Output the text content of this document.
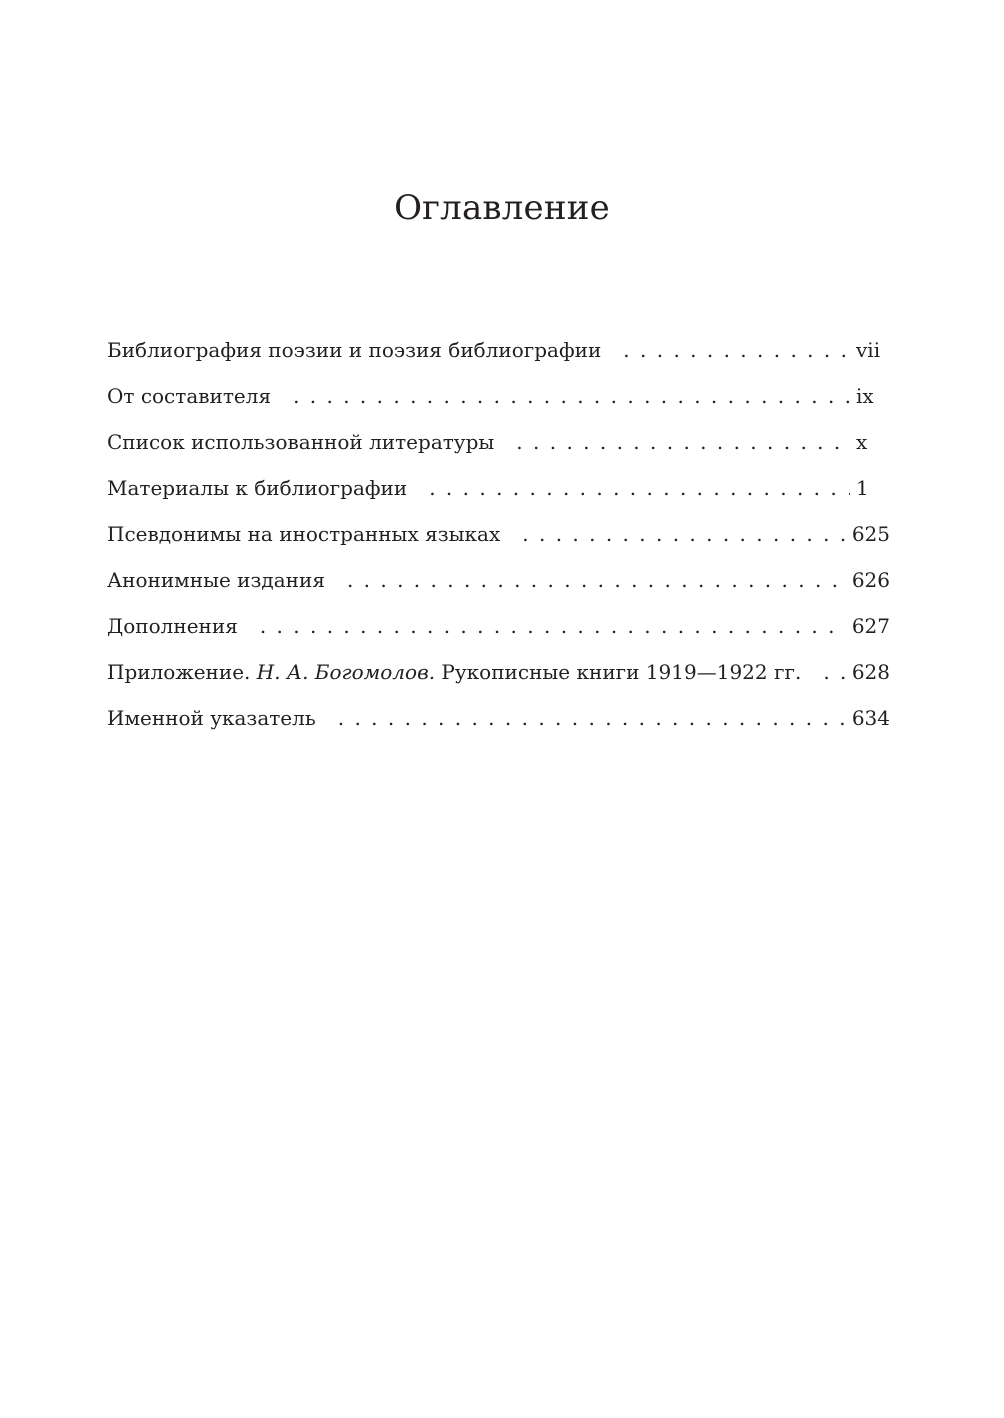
Оглавление
Библиография поэзии и поэзия библиографии . . .	vii
От составителя . . .	ix
Список использованной литературы . . .	x
Материалы к библиографии . . .	1
Псевдонимы на иностранных языках . . .	625
Анонимные издания . . .	626
Дополнения . . .	627
Приложение. Н. А. Богомолов. Рукописные книги 1919—1922 гг. . . .	628
Именной указатель . . .	634
